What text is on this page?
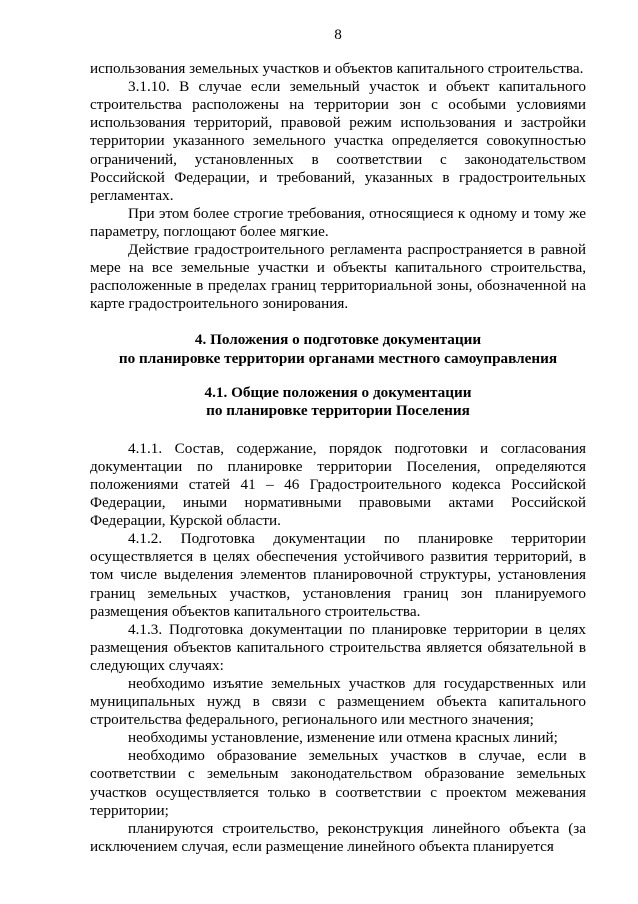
8

использования земельных участков и объектов капитального строительства.

3.1.10. В случае если земельный участок и объект капитального строительства расположены на территории зон с особыми условиями использования территорий, правовой режим использования и застройки территории указанного земельного участка определяется совокупностью ограничений, установленных в соответствии с законодательством Российской Федерации, и требований, указанных в градостроительных регламентах.

При этом более строгие требования, относящиеся к одному и тому же параметру, поглощают более мягкие.

Действие градостроительного регламента распространяется в равной мере на все земельные участки и объекты капитального строительства, расположенные в пределах границ территориальной зоны, обозначенной на карте градостроительного зонирования.

4. Положения о подготовке документации
по планировке территории органами местного самоуправления
4.1. Общие положения о документации
по планировке территории Поселения

4.1.1. Состав, содержание, порядок подготовки и согласования документации по планировке территории Поселения, определяются положениями статей 41 – 46 Градостроительного кодекса Российской Федерации, иными нормативными правовыми актами Российской Федерации, Курской области.

4.1.2. Подготовка документации по планировке территории осуществляется в целях обеспечения устойчивого развития территорий, в том числе выделения элементов планировочной структуры, установления границ земельных участков, установления границ зон планируемого размещения объектов капитального строительства.

4.1.3. Подготовка документации по планировке территории в целях размещения объектов капитального строительства является обязательной в следующих случаях:

необходимо изъятие земельных участков для государственных или муниципальных нужд в связи с размещением объекта капитального строительства федерального, регионального или местного значения;

необходимы установление, изменение или отмена красных линий;

необходимо образование земельных участков в случае, если в соответствии с земельным законодательством образование земельных участков осуществляется только в соответствии с проектом межевания территории;

планируются строительство, реконструкция линейного объекта (за исключением случая, если размещение линейного объекта планируется
